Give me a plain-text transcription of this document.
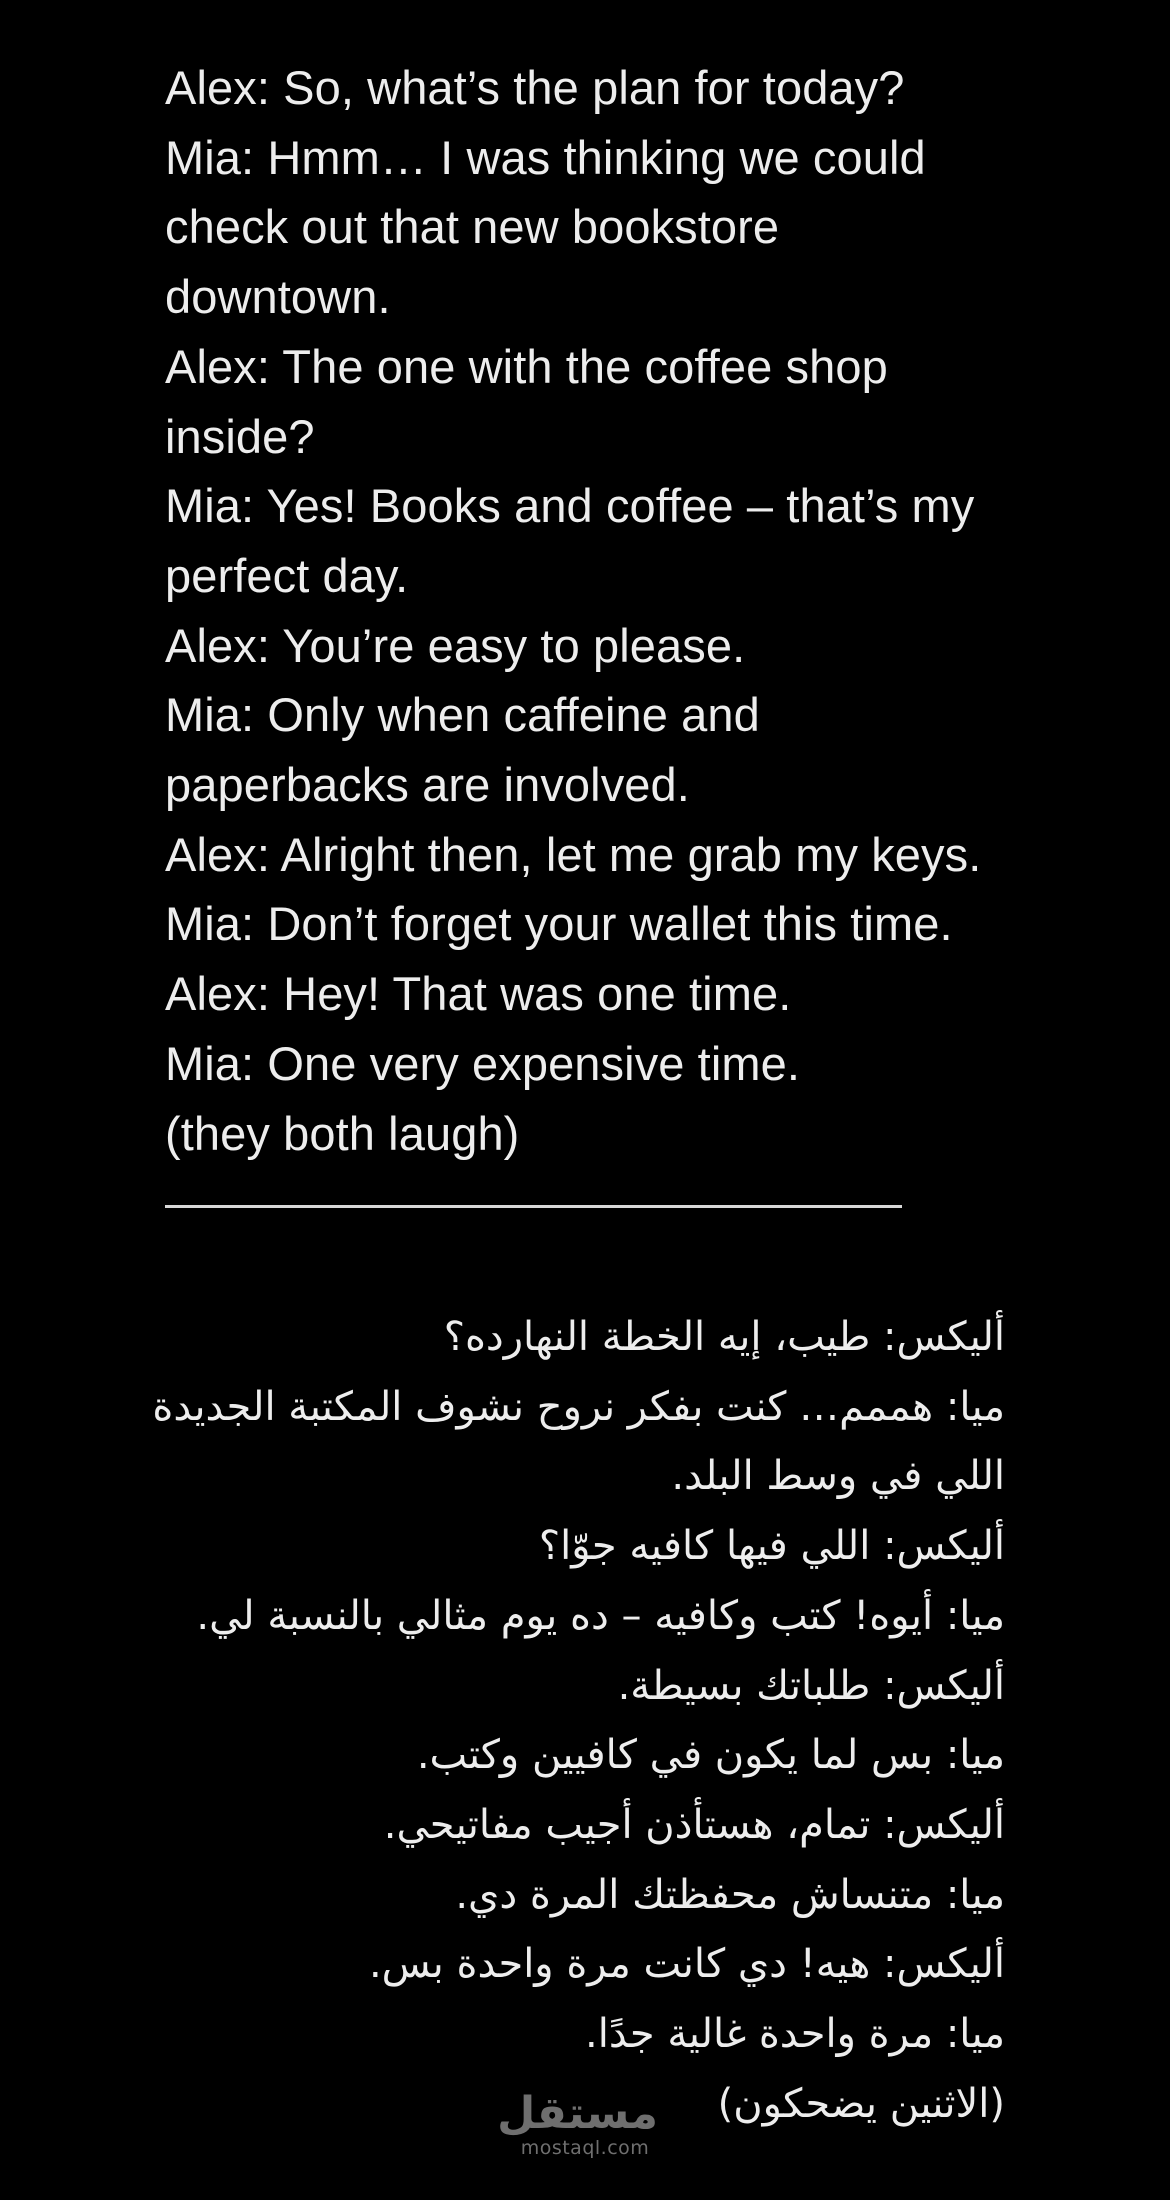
Alex: So, what’s the plan for today?
Mia: Hmm… I was thinking we could
check out that new bookstore
downtown.
Alex: The one with the coffee shop
inside?
Mia: Yes! Books and coffee – that’s my
perfect day.
Alex: You’re easy to please.
Mia: Only when caffeine and
paperbacks are involved.
Alex: Alright then, let me grab my keys.
Mia: Don’t forget your wallet this time.
Alex: Hey! That was one time.
Mia: One very expensive time.
(they both laugh)
أليكس: طيب، إيه الخطة النهارده؟
ميا: هممم… كنت بفكر نروح نشوف المكتبة الجديدة
اللي في وسط البلد.
أليكس: اللي فيها كافيه جوّا؟
ميا: أيوه! كتب وكافيه – ده يوم مثالي بالنسبة لي.
أليكس: طلباتك بسيطة.
ميا: بس لما يكون في كافيين وكتب.
أليكس: تمام، هستأذن أجيب مفاتيحي.
ميا: متنساش محفظتك المرة دي.
أليكس: هيه! دي كانت مرة واحدة بس.
ميا: مرة واحدة غالية جدًا.
(الاثنين يضحكون)
مستقل
mostaql.com
